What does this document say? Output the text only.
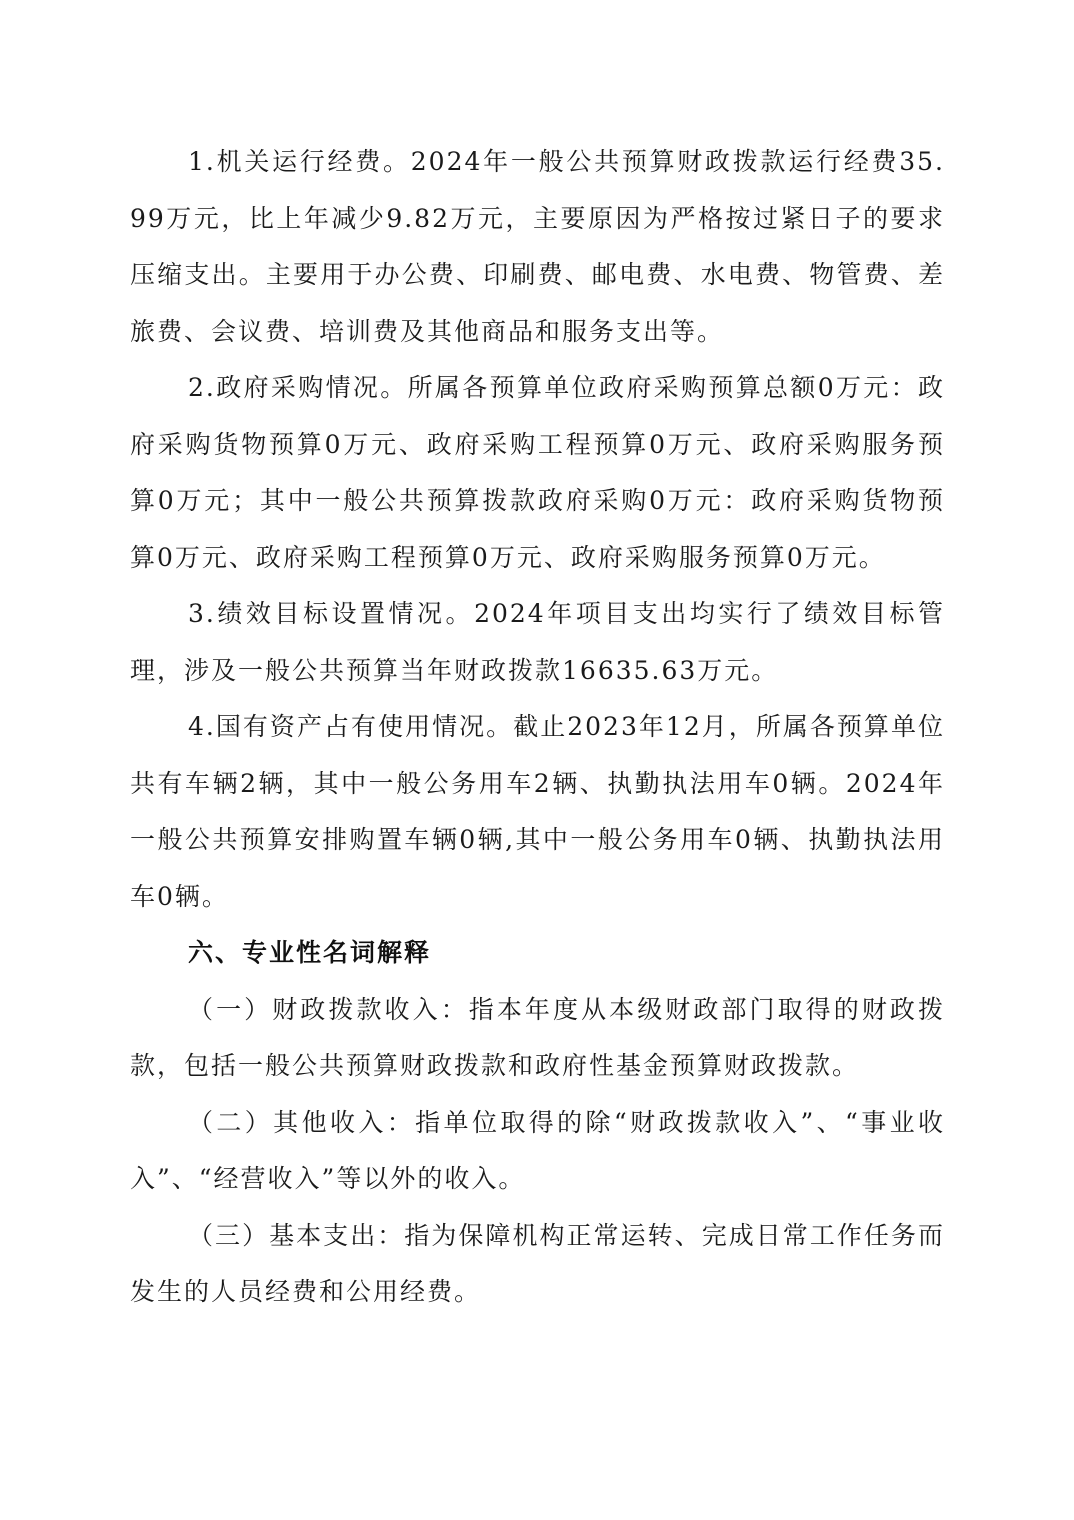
1.机关运行经费。2024年一般公共预算财政拨款运行经费35.99万元，比上年减少9.82万元，主要原因为严格按过紧日子的要求压缩支出。主要用于办公费、印刷费、邮电费、水电费、物管费、差旅费、会议费、培训费及其他商品和服务支出等。

2.政府采购情况。所属各预算单位政府采购预算总额0万元：政府采购货物预算0万元、政府采购工程预算0万元、政府采购服务预算0万元；其中一般公共预算拨款政府采购0万元：政府采购货物预算0万元、政府采购工程预算0万元、政府采购服务预算0万元。

3.绩效目标设置情况。2024年项目支出均实行了绩效目标管理，涉及一般公共预算当年财政拨款16635.63万元。

4.国有资产占有使用情况。截止2023年12月，所属各预算单位共有车辆2辆，其中一般公务用车2辆、执勤执法用车0辆。2024年一般公共预算安排购置车辆0辆,其中一般公务用车0辆、执勤执法用车0辆。

六、专业性名词解释

（一）财政拨款收入：指本年度从本级财政部门取得的财政拨款，包括一般公共预算财政拨款和政府性基金预算财政拨款。

（二）其他收入：指单位取得的除“财政拨款收入”、“事业收入”、“经营收入”等以外的收入。

（三）基本支出：指为保障机构正常运转、完成日常工作任务而发生的人员经费和公用经费。
